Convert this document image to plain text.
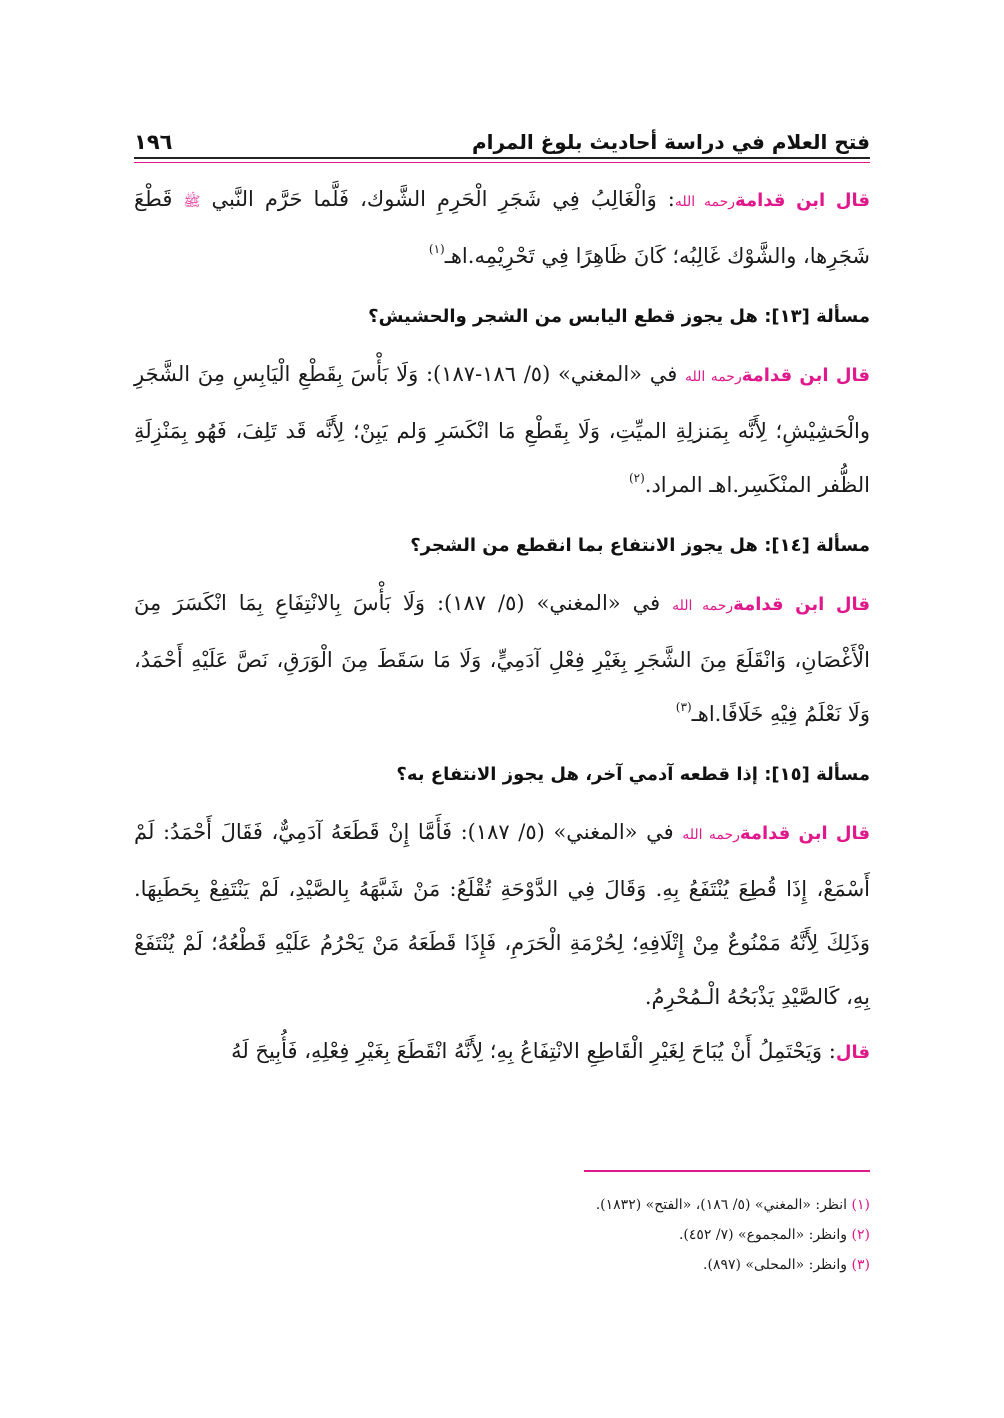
فتح العلام في دراسة أحاديث بلوغ المرام
١٩٦

قال ابن قدامةرحمه الله: وَالْغَالِبُ فِي شَجَرِ الْحَرِمِ الشَّوك، فَلَّما حَرَّم النَّبي ﷺ قَطْعَ شَجَرِها، والشَّوْك غَالِبُه؛ كَانَ ظَاهِرًا فِي تَحْرِيْمِه.اهـ$^{(١)}$

مسألة [١٣]: هل يجوز قطع اليابس من الشجر والحشيش؟

قال ابن قدامةرحمه الله في «المغني» (٥/ ١٨٦-١٨٧): وَلَا بَأْسَ بِقَطْعِ الْيَابِسِ مِنَ الشَّجَرِ والْحَشِيْشِ؛ لِأَنَّه بِمَنزلِةِ الميِّتِ، وَلَا بِقَطْعِ مَا انْكَسَرِ وَلم يَبِنْ؛ لِأَنَّه قَد تَلِفَ، فَهُو بِمَنْزِلَةِ الظُّفر المنْكَسِر.اهـ المراد.$^{(٢)}$

مسألة [١٤]: هل يجوز الانتفاع بما انقطع من الشجر؟

قال ابن قدامةرحمه الله في «المغني» (٥/ ١٨٧): وَلَا بَأْسَ بِالانْتِفَاعِ بِمَا انْكَسَرَ مِنَ الْأَغْصَانِ، وَانْقَلَعَ مِنَ الشَّجَرِ بِغَيْرِ فِعْلِ آدَمِيٍّ، وَلَا مَا سَقَطَ مِنَ الْوَرَقِ، نَصَّ عَلَيْهِ أَحْمَدُ، وَلَا نَعْلَمُ فِيْهِ خَلَافًا.اهـ$^{(٣)}$

مسألة [١٥]: إذا قطعه آدمي آخر، هل يجوز الانتفاع به؟

قال ابن قدامةرحمه الله في «المغني» (٥/ ١٨٧): فَأَمَّا إِنْ قَطَعَهُ آدَمِيٌّ، فَقَالَ أَحْمَدُ: لَمْ أَسْمَعْ، إِذَا قُطِعَ يُنْتَفَعُ بِهِ. وَقَالَ فِي الدَّوْحَةِ تُقْلَعُ: مَنْ شَبَّهَهُ بِالصَّيْدِ، لَمْ يَنْتَفِعْ بِحَطَبِهَا. وَذَلِكَ لِأَنَّهُ مَمْنُوعٌ مِنْ إِتْلَافِهِ؛ لِحُرْمَةِ الْحَرَمِ، فَإِذَا قَطَعَهُ مَنْ يَحْرُمُ عَلَيْهِ قَطْعُهُ؛ لَمْ يُنْتَفَعْ بِهِ، كَالصَّيْدِ يَذْبَحُهُ الْـمُحْرِمُ.

قال: وَيَحْتَمِلُ أَنْ يُبَاحَ لِغَيْرِ الْقَاطِعِ الانْتِفَاعُ بِهِ؛ لِأَنَّهُ انْقَطَعَ بِغَيْرِ فِعْلِهِ، فَأُبِيحَ لَهُ

(١) انظر: «المغني» (٥/ ١٨٦)، «الفتح» (١٨٣٢).
(٢) وانظر: «المجموع» (٧/ ٤٥٢).
(٣) وانظر: «المحلى» (٨٩٧).
